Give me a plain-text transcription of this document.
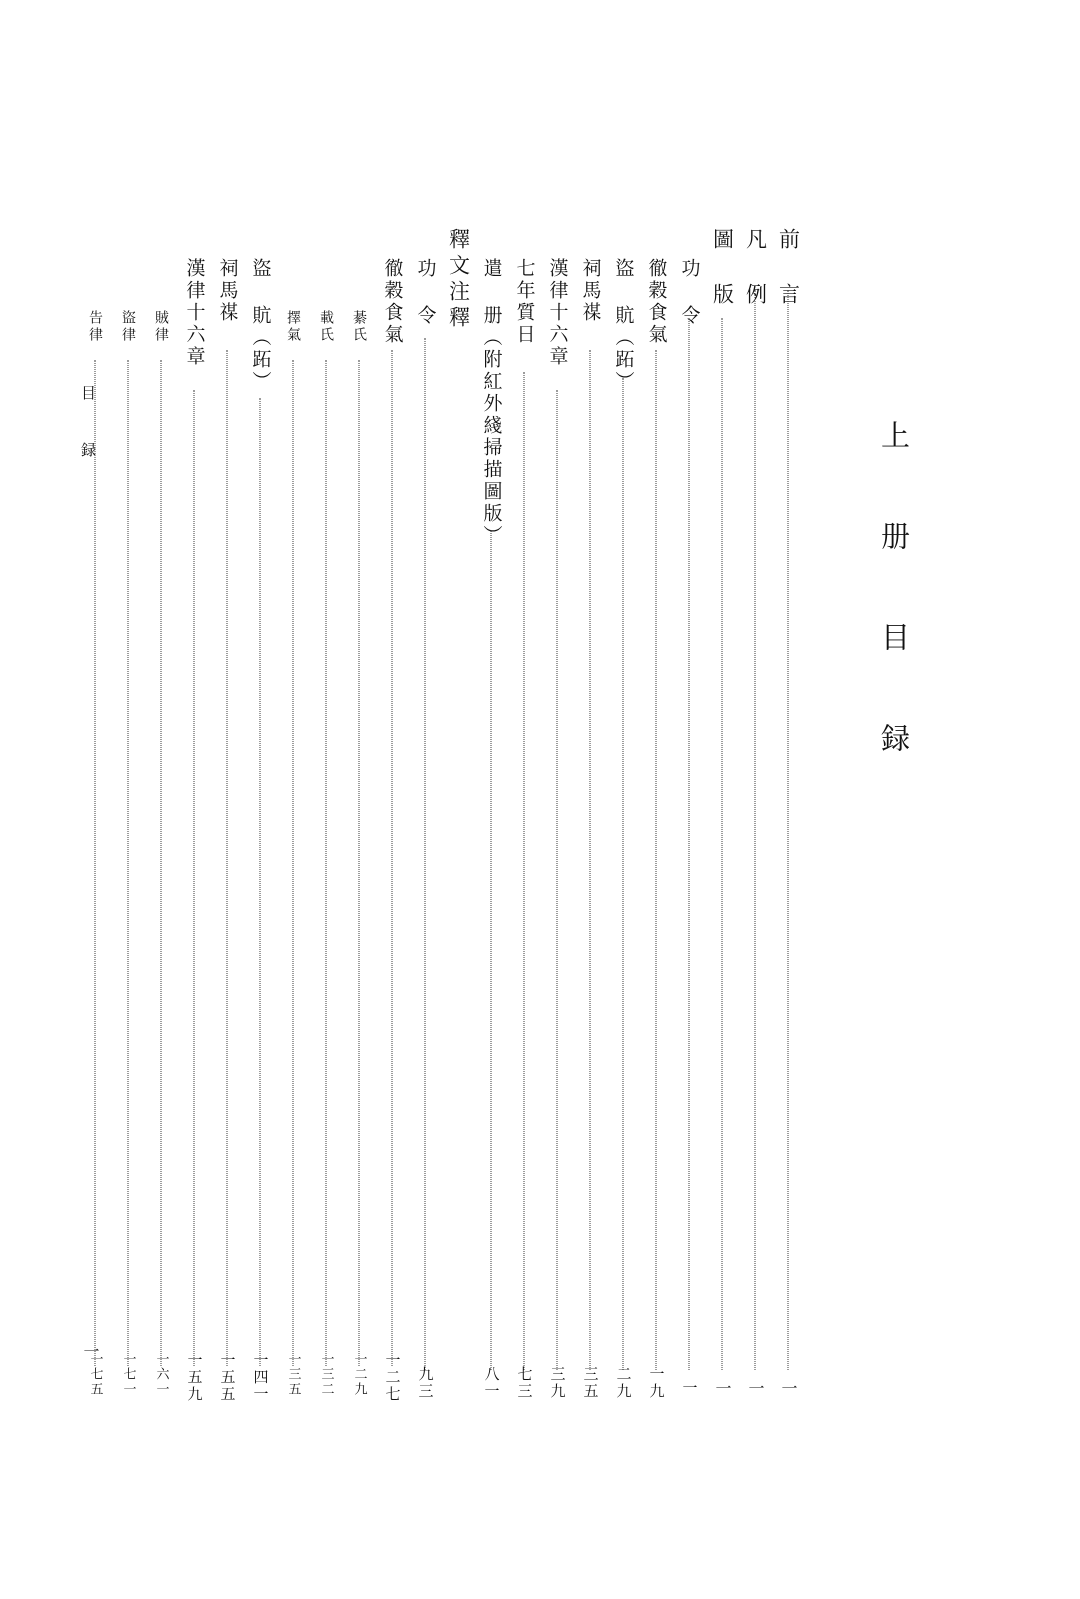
上 册 目 録
目 録
一
前 言
一
凡 例
一
圖 版
一
功 令
一
徹穀食氣
一九
盜 貥（跖）
二九
祠馬禖
三五
漢律十六章
三九
七年質日
七三
遣 册（附紅外綫掃描圖版）
八一
釋文注釋
功 令
九三
徹穀食氣
一二七
綦氏
一二九
載氏
一三二
擇氣
一三五
盜 貥（跖）
一四一
祠馬禖
一五五
漢律十六章
一五九
賊律
一六一
盜律
一七一
告律
一七五
